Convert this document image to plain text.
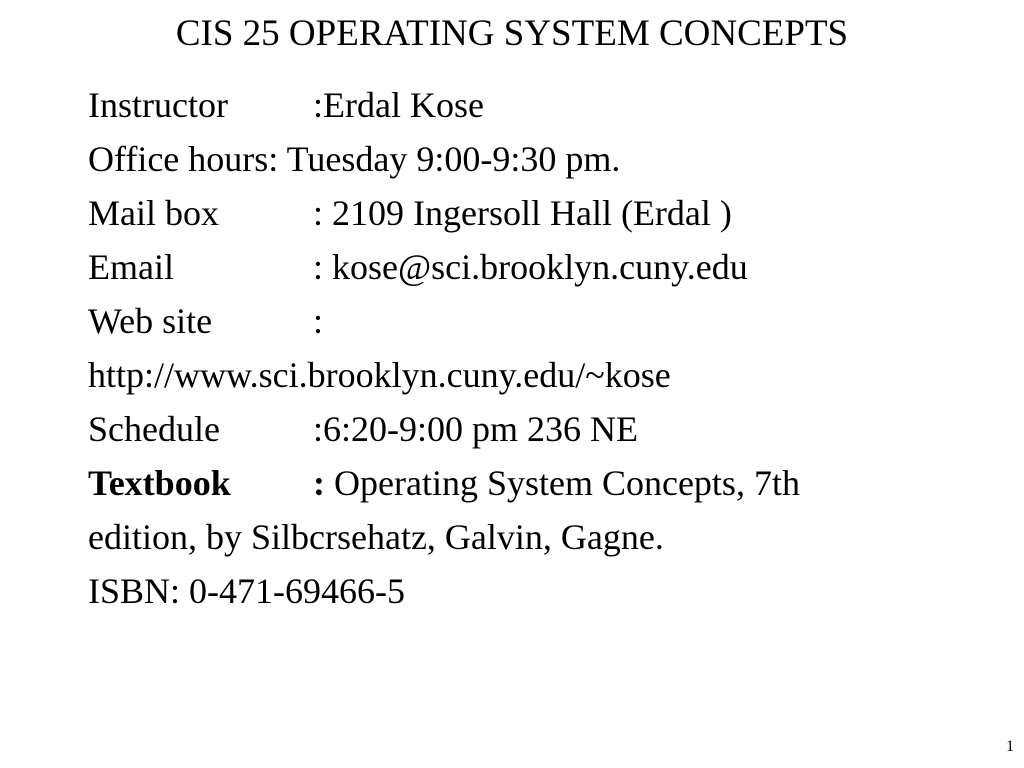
CIS 25 OPERATING SYSTEM CONCEPTS
Instructor :Erdal Kose
Office hours: Tuesday 9:00-9:30 pm.
Mail box	: 2109 Ingersoll Hall (Erdal )
Email	: kose@sci.brooklyn.cuny.edu
Web site	:
http://www.sci.brooklyn.cuny.edu/~kose
Schedule	:6:20-9:00 pm 236 NE
Textbook : Operating System Concepts, 7th
edition, by Silbcrsehatz, Galvin, Gagne.
ISBN: 0-471-69466-5
1
